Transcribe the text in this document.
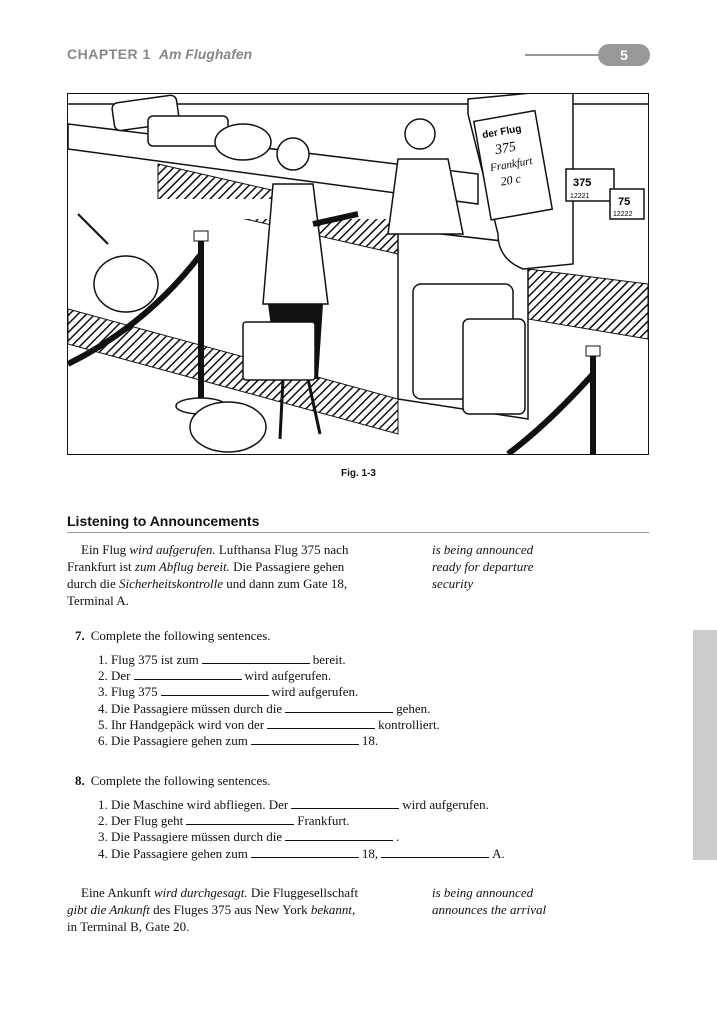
CHAPTER 1 Am Flughafen	5
der Flug
375
Frankfurt
20 c	375
12221	75
12222
Fig. 1-3
Listening to Announcements
Ein Flug wird aufgerufen. Lufthansa Flug 375 nach
Frankfurt ist zum Abflug bereit. Die Passagiere gehen
durch die Sicherheitskontrolle und dann zum Gate 18,
Terminal A.
is being announced
ready for departure
security
7. Complete the following sentences.
1. Flug 375 ist zum	bereit.
2. Der	wird aufgerufen.
3. Flug 375	wird aufgerufen.
4. Die Passagiere müssen durch die	gehen.
5. Ihr Handgepäck wird von der	kontrolliert.
6. Die Passagiere gehen zum	18.
8. Complete the following sentences.
1. Die Maschine wird abfliegen. Der	wird aufgerufen.
2. Der Flug geht	Frankfurt.
3. Die Passagiere müssen durch die	.
4. Die Passagiere gehen zum	18,	A.
Eine Ankunft wird durchgesagt. Die Fluggesellschaft
gibt die Ankunft des Fluges 375 aus New York bekannt,
in Terminal B, Gate 20.
is being announced
announces the arrival
